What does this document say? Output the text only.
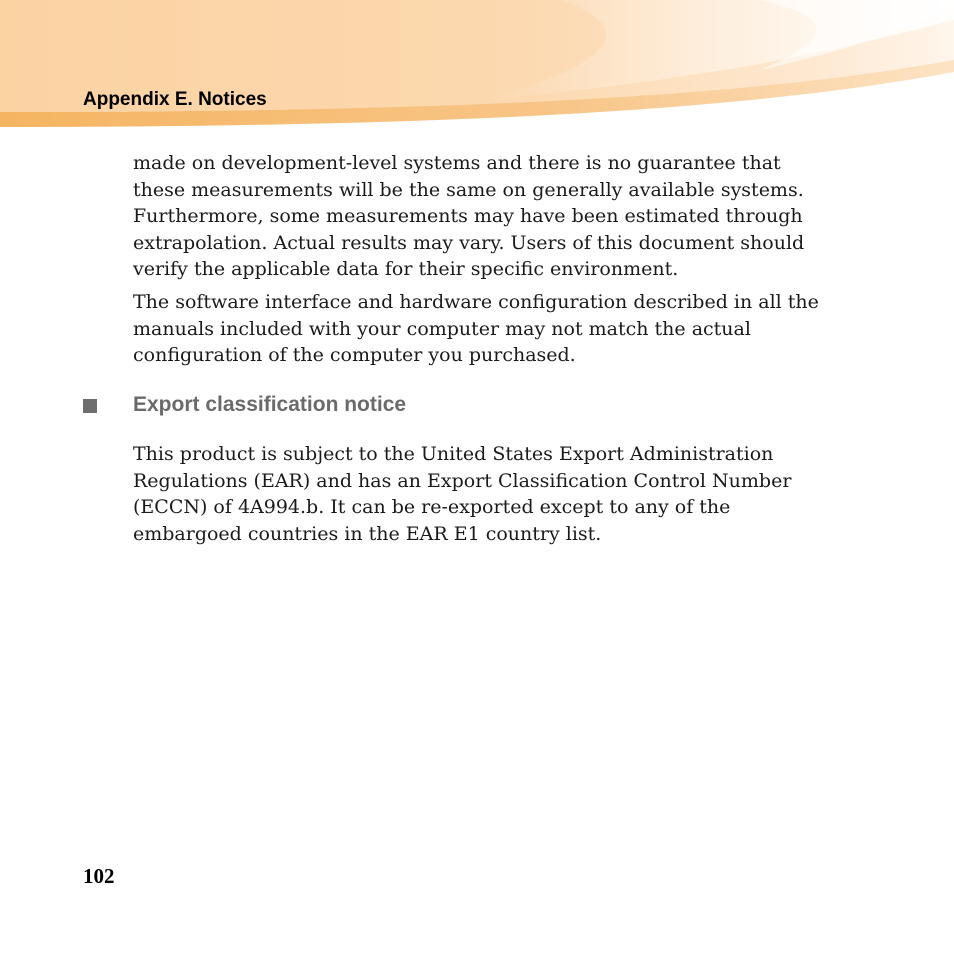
Appendix E. Notices

made on development-level systems and there is no guarantee that these measurements will be the same on generally available systems. Furthermore, some measurements may have been estimated through extrapolation. Actual results may vary. Users of this document should verify the applicable data for their specific environment.

The software interface and hardware configuration described in all the manuals included with your computer may not match the actual configuration of the computer you purchased.

Export classification notice

This product is subject to the United States Export Administration Regulations (EAR) and has an Export Classification Control Number (ECCN) of 4A994.b. It can be re-exported except to any of the embargoed countries in the EAR E1 country list.

102
